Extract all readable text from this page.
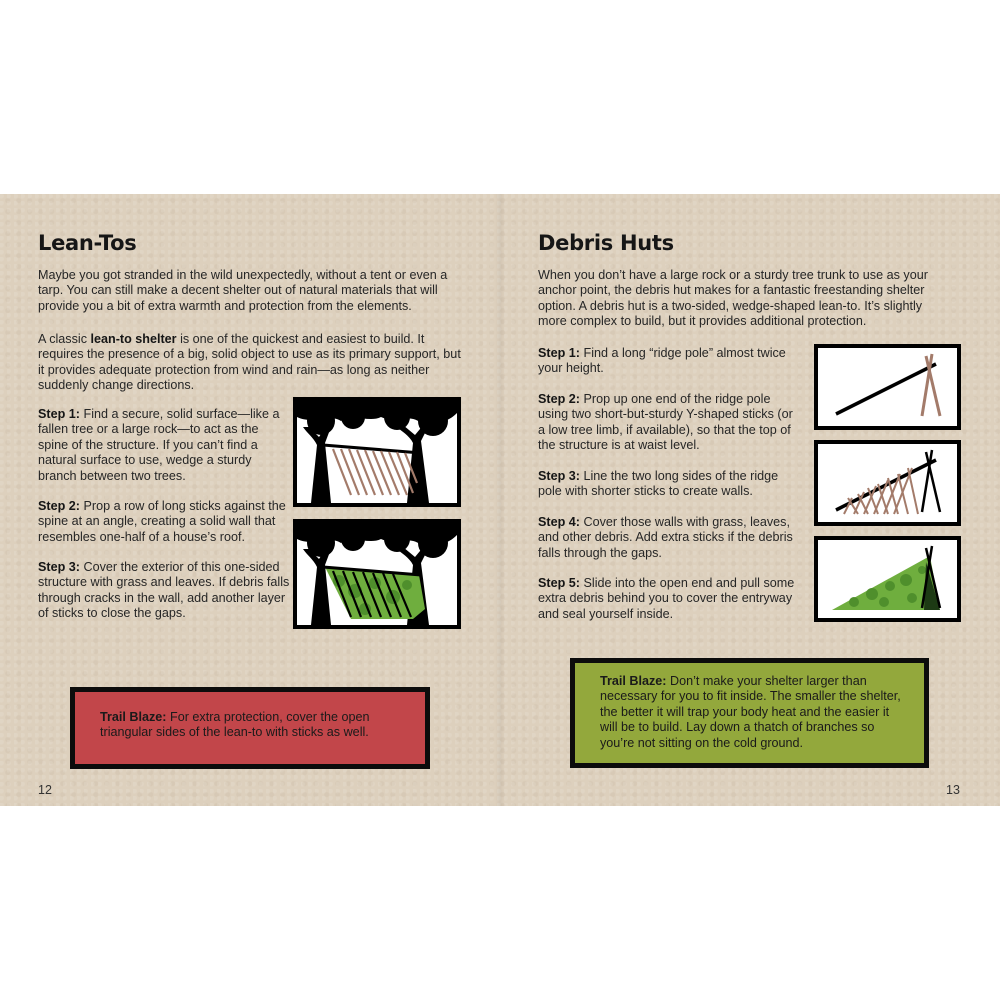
Lean-Tos

Maybe you got stranded in the wild unexpectedly, without a tent or even a tarp. You can still make a decent shelter out of natural materials that will provide you a bit of extra warmth and protection from the elements.

A classic lean-to shelter is one of the quickest and easiest to build. It requires the presence of a big, solid object to use as its primary support, but it provides adequate protection from wind and rain—as long as neither suddenly change directions.

Step 1: Find a secure, solid surface—like a fallen tree or a large rock—to act as the spine of the structure. If you can’t find a natural surface to use, wedge a sturdy branch between two trees.

Step 2: Prop a row of long sticks against the spine at an angle, creating a solid wall that resembles one-half of a house’s roof.

Step 3: Cover the exterior of this one-sided structure with grass and leaves. If debris falls through cracks in the wall, add another layer of sticks to close the gaps.

Trail Blaze: For extra protection, cover the open triangular sides of the lean-to with sticks as well.

12
Debris Huts

When you don’t have a large rock or a sturdy tree trunk to use as your anchor point, the debris hut makes for a fantastic freestanding shelter option. A debris hut is a two-sided, wedge-shaped lean-to. It’s slightly more complex to build, but it provides additional protection.

Step 1: Find a long “ridge pole” almost twice your height.

Step 2: Prop up one end of the ridge pole using two short-but-sturdy Y-shaped sticks (or a low tree limb, if available), so that the top of the structure is at waist level.

Step 3: Line the two long sides of the ridge pole with shorter sticks to create walls.

Step 4: Cover those walls with grass, leaves, and other debris. Add extra sticks if the debris falls through the gaps.

Step 5: Slide into the open end and pull some extra debris behind you to cover the entryway and seal yourself inside.

Trail Blaze: Don’t make your shelter larger than necessary for you to fit inside. The smaller the shelter, the better it will trap your body heat and the easier it will be to build. Lay down a thatch of branches so you’re not sitting on the cold ground.

13
